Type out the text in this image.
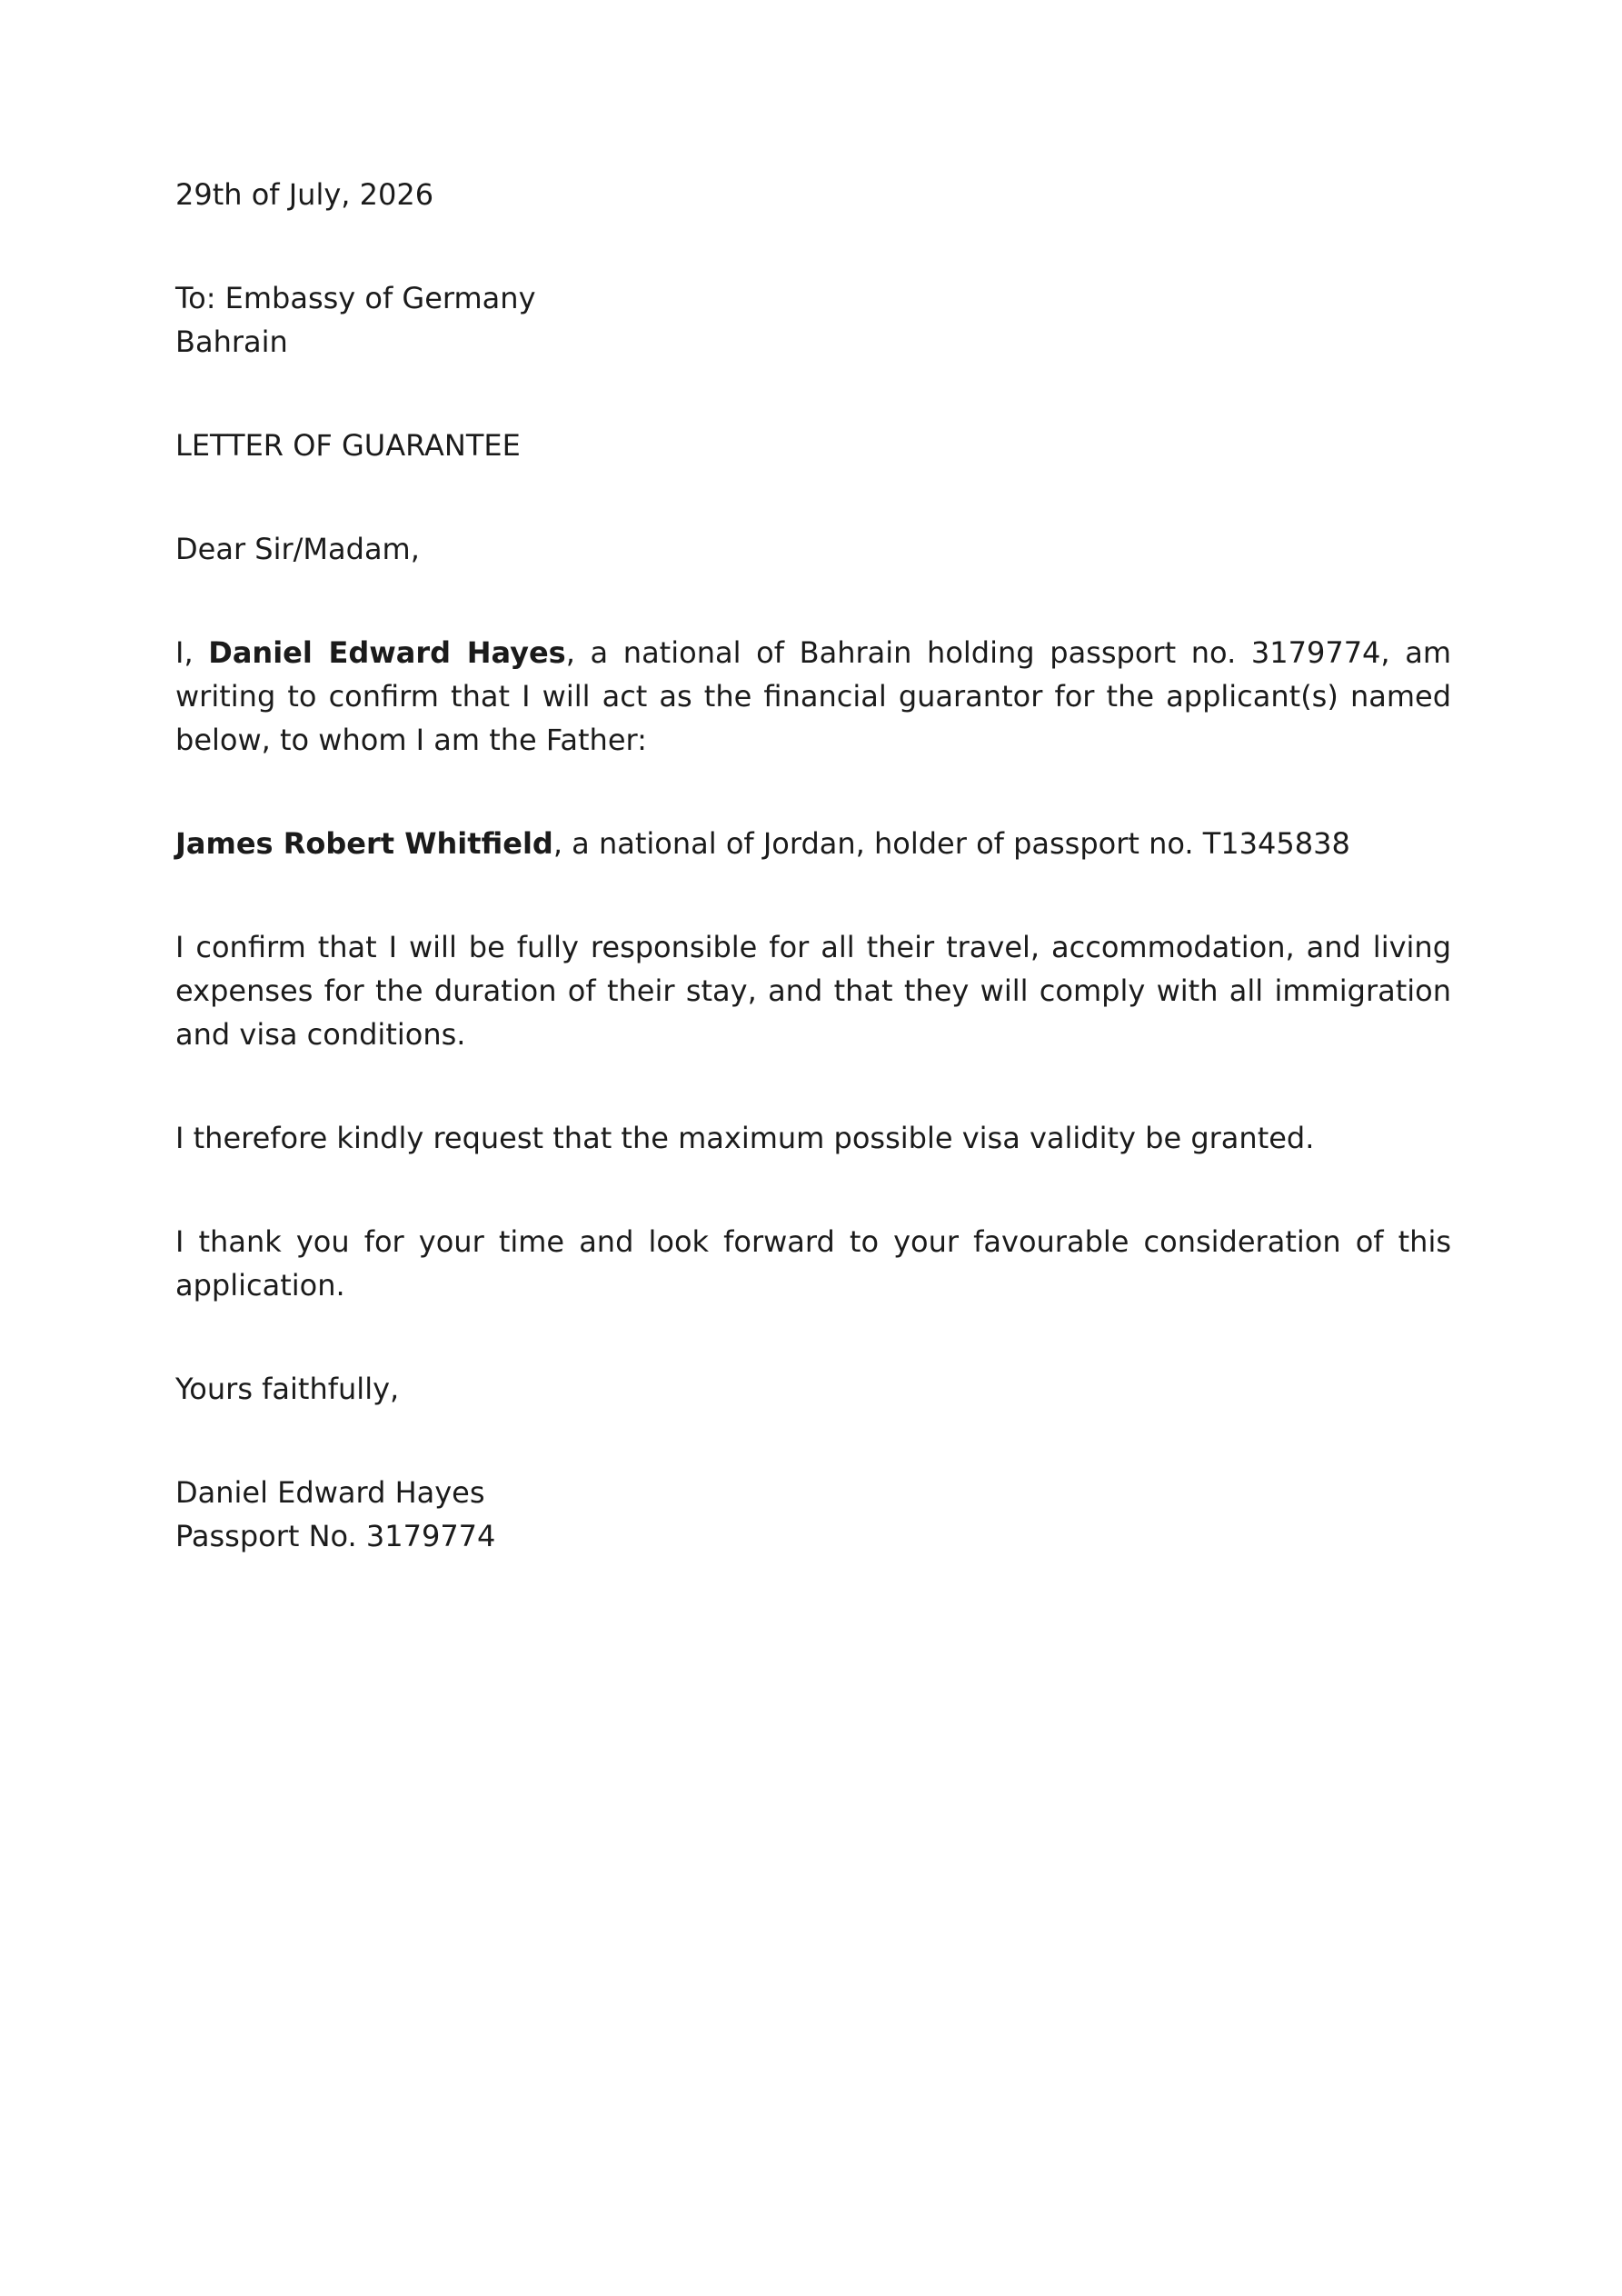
29th of July, 2026
To: Embassy of Germany
Bahrain
LETTER OF GUARANTEE
Dear Sir/Madam,

I, Daniel Edward Hayes, a national of Bahrain holding passport no. 3179774, am writing to confirm that I will act as the financial guarantor for the applicant(s) named below, to whom I am the Father:

James Robert Whitfield, a national of Jordan, holder of passport no. T1345838

I confirm that I will be fully responsible for all their travel, accommodation, and living expenses for the duration of their stay, and that they will comply with all immigration and visa conditions.

I therefore kindly request that the maximum possible visa validity be granted.

I thank you for your time and look forward to your favourable consideration of this application.

Yours faithfully,
Daniel Edward Hayes
Passport No. 3179774
